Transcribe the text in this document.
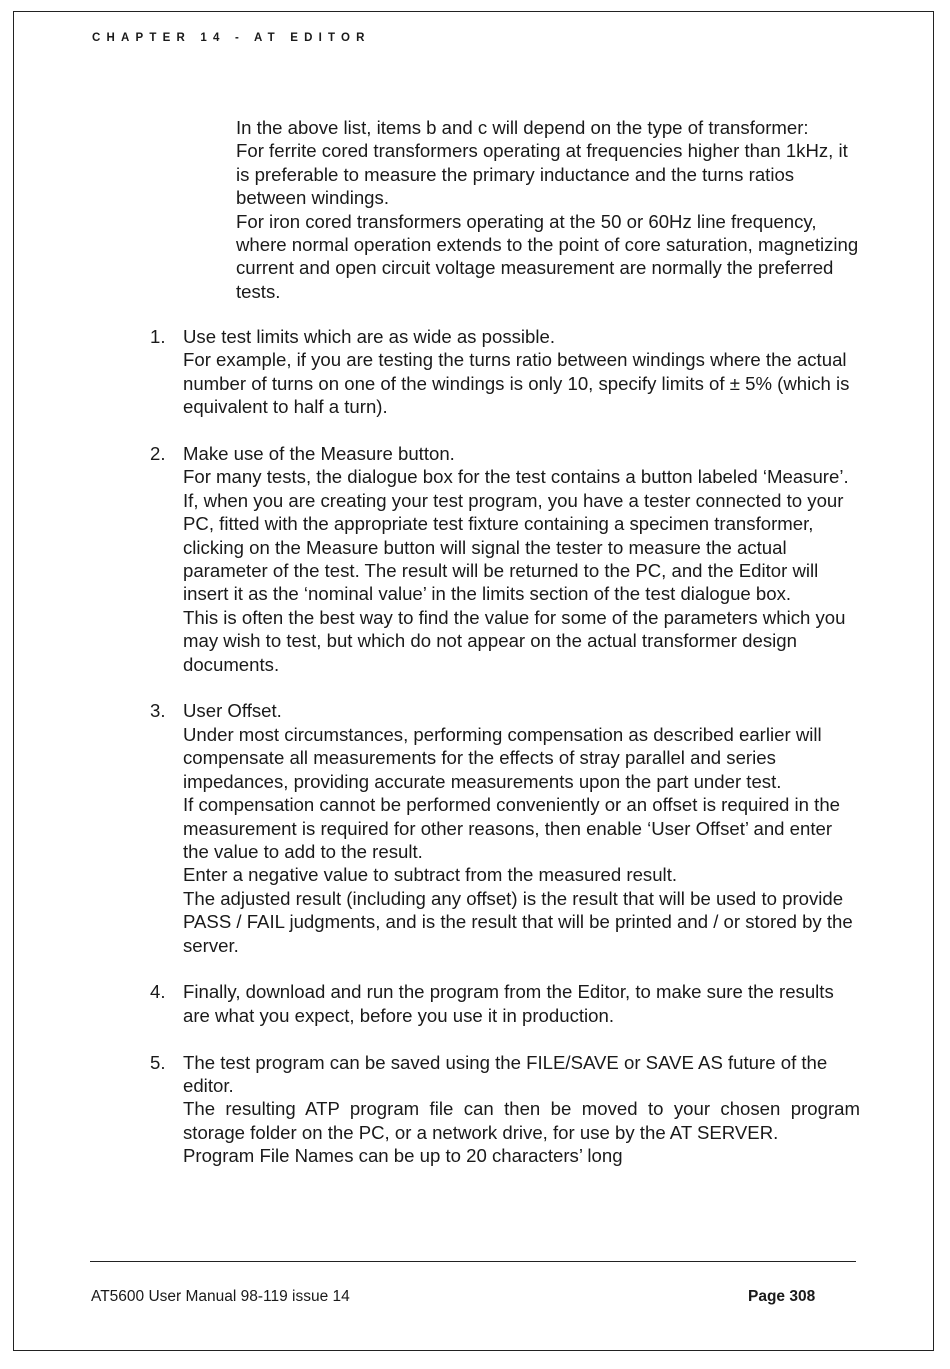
CHAPTER 14 - AT EDITOR

In the above list, items b and c will depend on the type of transformer:

For ferrite cored transformers operating at frequencies higher than 1kHz, it is preferable to measure the primary inductance and the turns ratios between windings.

For iron cored transformers operating at the 50 or 60Hz line frequency, where normal operation extends to the point of core saturation, magnetizing current and open circuit voltage measurement are normally the preferred tests.

1. Use test limits which are as wide as possible.
For example, if you are testing the turns ratio between windings where the actual number of turns on one of the windings is only 10, specify limits of ± 5% (which is equivalent to half a turn).
2. Make use of the Measure button.
For many tests, the dialogue box for the test contains a button labeled ‘Measure’.
If, when you are creating your test program, you have a tester connected to your PC, fitted with the appropriate test fixture containing a specimen transformer, clicking on the Measure button will signal the tester to measure the actual parameter of the test. The result will be returned to the PC, and the Editor will insert it as the ‘nominal value’ in the limits section of the test dialogue box.
This is often the best way to find the value for some of the parameters which you may wish to test, but which do not appear on the actual transformer design documents.
3. User Offset.
Under most circumstances, performing compensation as described earlier will compensate all measurements for the effects of stray parallel and series impedances, providing accurate measurements upon the part under test.
If compensation cannot be performed conveniently or an offset is required in the measurement is required for other reasons, then enable ‘User Offset’ and enter the value to add to the result.
Enter a negative value to subtract from the measured result.
The adjusted result (including any offset) is the result that will be used to provide PASS / FAIL judgments, and is the result that will be printed and / or stored by the server.
4. Finally, download and run the program from the Editor, to make sure the results are what you expect, before you use it in production.
5. The test program can be saved using the FILE/SAVE or SAVE AS future of the editor.
The resulting ATP program file can then be moved to your chosen program storage folder on the PC, or a network drive, for use by the AT SERVER.
Program File Names can be up to 20 characters’ long
AT5600 User Manual 98-119 issue 14	Page 308
